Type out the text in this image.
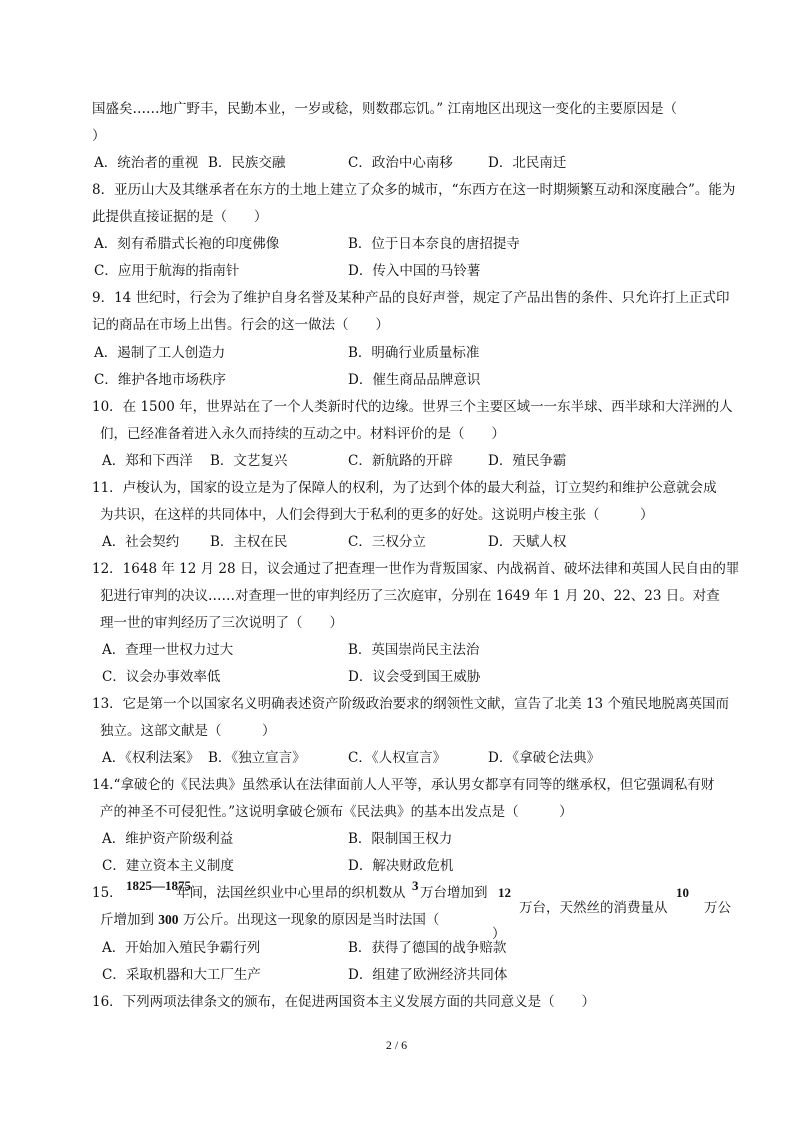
国盛矣……地广野丰，民勤本业，一岁或稔，则数郡忘饥。” 江南地区出现这一变化的主要原因是（
）
A．统治者的重视 B．民族交融	C．政治中心南移	D．北民南迁
8．亚历山大及其继承者在东方的土地上建立了众多的城市，“东西方在这一时期频繁互动和深度融合”。能为
此提供直接证据的是（　　）
A．刻有希腊式长袍的印度佛像	B．位于日本奈良的唐招提寺
C．应用于航海的指南针	D．传入中国的马铃薯
9．14 世纪时，行会为了维护自身名誉及某种产品的良好声誉，规定了产品出售的条件、只允许打上正式印
记的商品在市场上出售。行会的这一做法（　　）
A．遏制了工人创造力	B．明确行业质量标准
C．维护各地市场秩序	D．催生商品品牌意识
10．在 1500 年，世界站在了一个人类新时代的边缘。世界三个主要区域一一东半球、西半球和大洋洲的人
们，已经准备着进入永久而持续的互动之中。材料评价的是（　　）
A．郑和下西洋 B．文艺复兴	C．新航路的开辟	D．殖民争霸
11．卢梭认为，国家的设立是为了保障人的权利，为了达到个体的最大利益，订立契约和维护公意就会成
为共识，在这样的共同体中，人们会得到大于私利的更多的好处。这说明卢梭主张（　　　）
A．社会契约 B．主权在民	C．三权分立	D．天赋人权
12．1648 年 12 月 28 日，议会通过了把查理一世作为背叛国家、内战祸首、破坏法律和英国人民自由的罪
犯进行审判的决议……对查理一世的审判经历了三次庭审，分别在 1649 年 1 月 20、22、23 日。对查
理一世的审判经历了三次说明了（　　）
A．查理一世权力过大	B．英国崇尚民主法治
C．议会办事效率低	D．议会受到国王威胁
13．它是第一个以国家名义明确表述资产阶级政治要求的纲领性文献，宣告了北美 13 个殖民地脱离英国而
独立。这部文献是（　　　）
A．《权利法案》 B．《独立宣言》	C．《人权宣言》	D．《拿破仑法典》
14.“拿破仑的《民法典》虽然承认在法律面前人人平等，承认男女都享有同等的继承权，但它强调私有财
产的神圣不可侵犯性。”这说明拿破仑颁布《民法典》的基本出发点是（　　　）
A．维护资产阶级利益	B．限制国王权力
C．建立资本主义制度	D．解决财政危机
15． 1825—1875
年间，法国丝织业中心里昂的织机数从 3 万台增加到 12
万台，天然丝的消费量从
10
万公
斤增加到 300 万公斤。出现这一现象的原因是当时法国（
）
A．开始加入殖民争霸行列	B．获得了德国的战争赔款
C．采取机器和大工厂生产	D．组建了欧洲经济共同体
16．下列两项法律条文的颁布，在促进两国资本主义发展方面的共同意义是（　　）
2 / 6
